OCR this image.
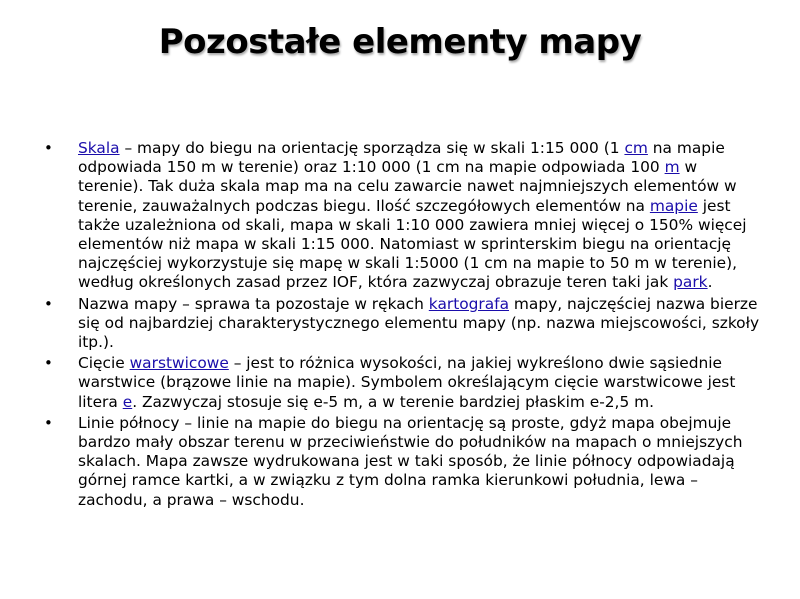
Pozostałe elementy mapy
• Skala – mapy do biegu na orientację sporządza się w skali 1:15 000 (1 cm na mapie odpowiada 150 m w terenie) oraz 1:10 000 (1 cm na mapie odpowiada 100 m w terenie). Tak duża skala map ma na celu zawarcie nawet najmniejszych elementów w terenie, zauważalnych podczas biegu. Ilość szczegółowych elementów na mapie jest także uzależniona od skali, mapa w skali 1:10 000 zawiera mniej więcej o 150% więcej elementów niż mapa w skali 1:15 000. Natomiast w sprinterskim biegu na orientację najczęściej wykorzystuje się mapę w skali 1:5000 (1 cm na mapie to 50 m w terenie), według określonych zasad przez IOF, która zazwyczaj obrazuje teren taki jak park.
• Nazwa mapy – sprawa ta pozostaje w rękach kartografa mapy, najczęściej nazwa bierze się od najbardziej charakterystycznego elementu mapy (np. nazwa miejscowości, szkoły itp.).
• Cięcie warstwicowe – jest to różnica wysokości, na jakiej wykreślono dwie sąsiednie warstwice (brązowe linie na mapie). Symbolem określającym cięcie warstwicowe jest litera e. Zazwyczaj stosuje się e-5 m, a w terenie bardziej płaskim e-2,5 m.
• Linie północy – linie na mapie do biegu na orientację są proste, gdyż mapa obejmuje bardzo mały obszar terenu w przeciwieństwie do południków na mapach o mniejszych skalach. Mapa zawsze wydrukowana jest w taki sposób, że linie północy odpowiadają górnej ramce kartki, a w związku z tym dolna ramka kierunkowi południa, lewa – zachodu, a prawa – wschodu.
